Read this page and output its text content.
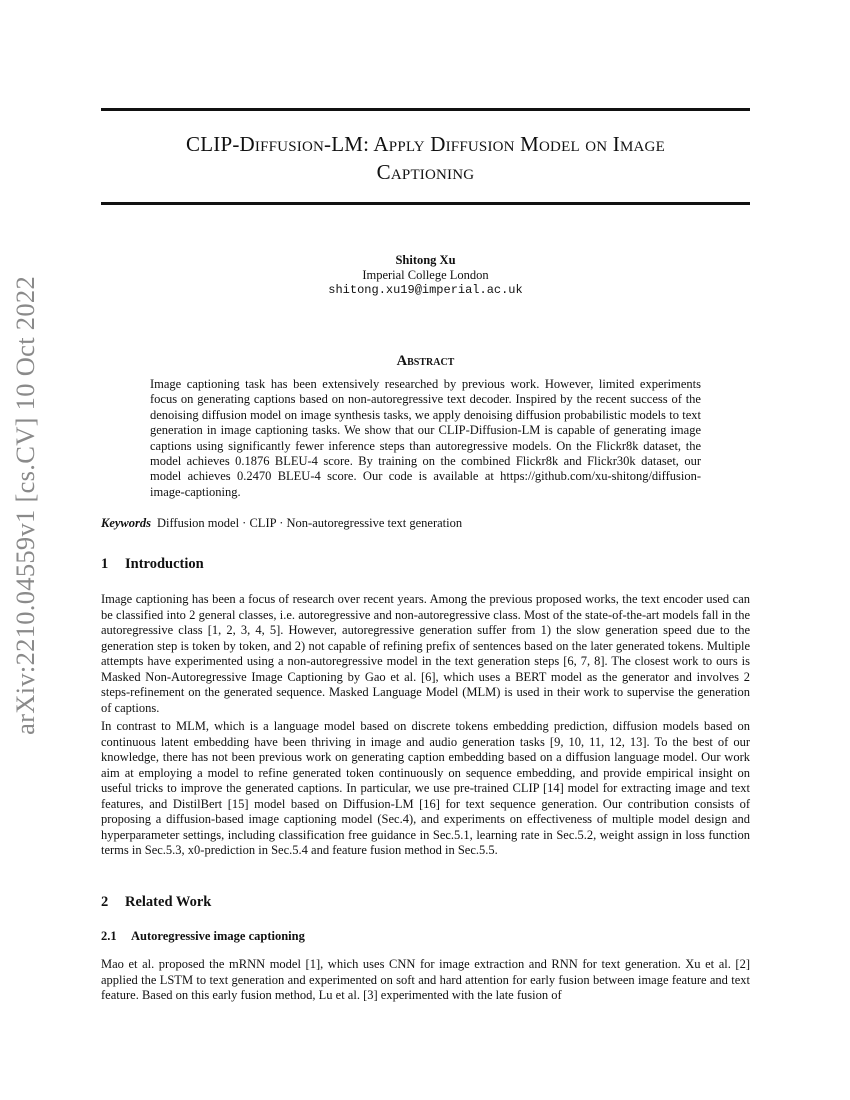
arXiv:2210.04559v1 [cs.CV] 10 Oct 2022
CLIP-Diffusion-LM: Apply Diffusion Model on Image
Captioning
Shitong Xu
Imperial College London
shitong.xu19@imperial.ac.uk
Abstract

Image captioning task has been extensively researched by previous work. However, limited experiments focus on generating captions based on non-autoregressive text decoder. Inspired by the recent success of the denoising diffusion model on image synthesis tasks, we apply denoising diffusion probabilistic models to text generation in image captioning tasks. We show that our CLIP-Diffusion-LM is capable of generating image captions using significantly fewer inference steps than autoregressive models. On the Flickr8k dataset, the model achieves 0.1876 BLEU-4 score. By training on the combined Flickr8k and Flickr30k dataset, our model achieves 0.2470 BLEU-4 score. Our code is available at https://github.com/xu-shitong/diffusion-image-captioning.

Keywords Diffusion model · CLIP · Non-autoregressive text generation
1 Introduction

Image captioning has been a focus of research over recent years. Among the previous proposed works, the text encoder used can be classified into 2 general classes, i.e. autoregressive and non-autoregressive class. Most of the state-of-the-art models fall in the autoregressive class [1, 2, 3, 4, 5]. However, autoregressive generation suffer from 1) the slow generation speed due to the generation step is token by token, and 2) not capable of refining prefix of sentences based on the later generated tokens. Multiple attempts have experimented using a non-autoregressive model in the text generation steps [6, 7, 8]. The closest work to ours is Masked Non-Autoregressive Image Captioning by Gao et al. [6], which uses a BERT model as the generator and involves 2 steps-refinement on the generated sequence. Masked Language Model (MLM) is used in their work to supervise the generation of captions.

In contrast to MLM, which is a language model based on discrete tokens embedding prediction, diffusion models based on continuous latent embedding have been thriving in image and audio generation tasks [9, 10, 11, 12, 13]. To the best of our knowledge, there has not been previous work on generating caption embedding based on a diffusion language model. Our work aim at employing a model to refine generated token continuously on sequence embedding, and provide empirical insight on useful tricks to improve the generated captions. In particular, we use pre-trained CLIP [14] model for extracting image and text features, and DistilBert [15] model based on Diffusion-LM [16] for text sequence generation. Our contribution consists of proposing a diffusion-based image captioning model (Sec.4), and experiments on effectiveness of multiple model design and hyperparameter settings, including classification free guidance in Sec.5.1, learning rate in Sec.5.2, weight assign in loss function terms in Sec.5.3, x0-prediction in Sec.5.4 and feature fusion method in Sec.5.5.

2 Related Work
2.1 Autoregressive image captioning

Mao et al. proposed the mRNN model [1], which uses CNN for image extraction and RNN for text generation. Xu et al. [2] applied the LSTM to text generation and experimented on soft and hard attention for early fusion between image feature and text feature. Based on this early fusion method, Lu et al. [3] experimented with the late fusion of
